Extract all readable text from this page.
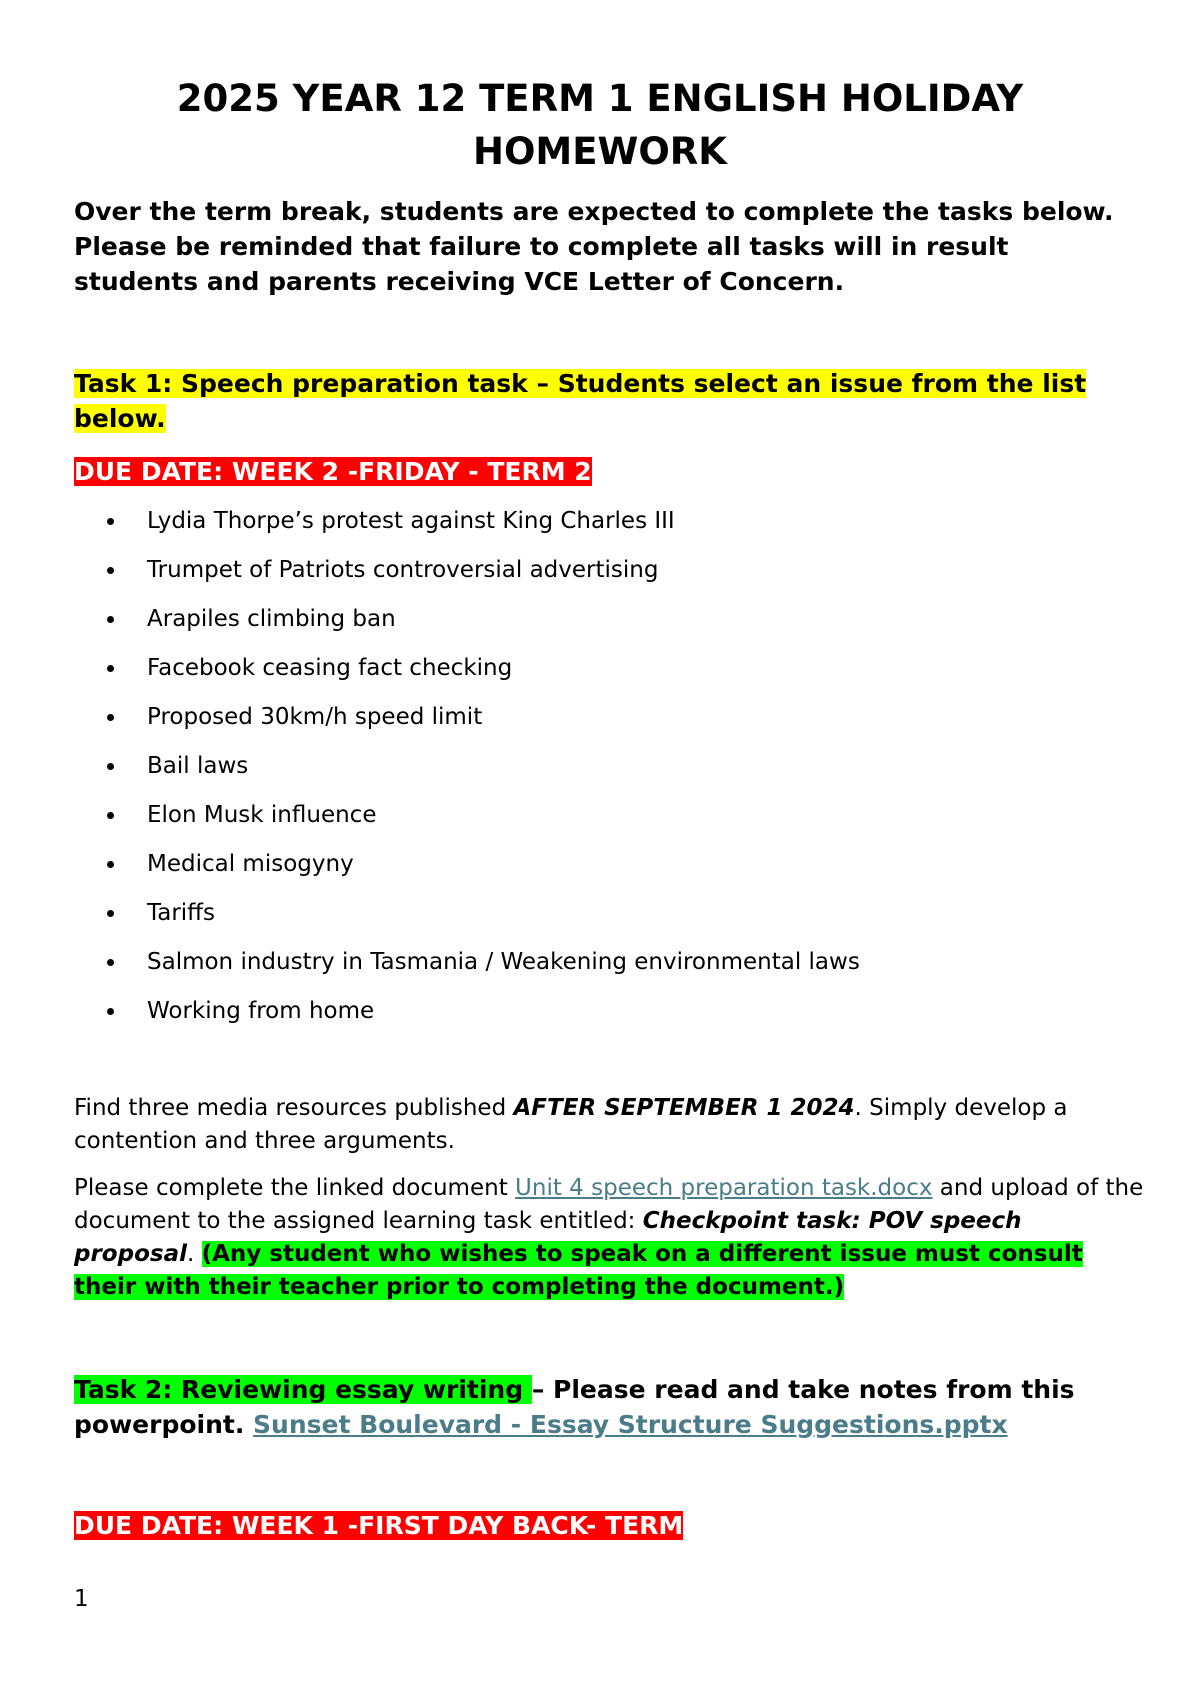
2025 YEAR 12 TERM 1 ENGLISH HOLIDAY HOMEWORK
Over the term break, students are expected to complete the tasks below. Please be reminded that failure to complete all tasks will in result students and parents receiving VCE Letter of Concern.
Task 1: Speech preparation task – Students select an issue from the list below.
DUE DATE: WEEK 2 -FRIDAY - TERM 2
Lydia Thorpe’s protest against King Charles III
Trumpet of Patriots controversial advertising
Arapiles climbing ban
Facebook ceasing fact checking
Proposed 30km/h speed limit
Bail laws
Elon Musk influence
Medical misogyny
Tariffs
Salmon industry in Tasmania / Weakening environmental laws
Working from home
Find three media resources published AFTER SEPTEMBER 1 2024. Simply develop a contention and three arguments.
Please complete the linked document Unit 4 speech preparation task.docx and upload of the document to the assigned learning task entitled: Checkpoint task: POV speech proposal. (Any student who wishes to speak on a different issue must consult their with their teacher prior to completing the document.)
Task 2: Reviewing essay writing – Please read and take notes from this powerpoint. Sunset Boulevard - Essay Structure Suggestions.pptx
DUE DATE: WEEK 1 -FIRST DAY BACK- TERM
1
